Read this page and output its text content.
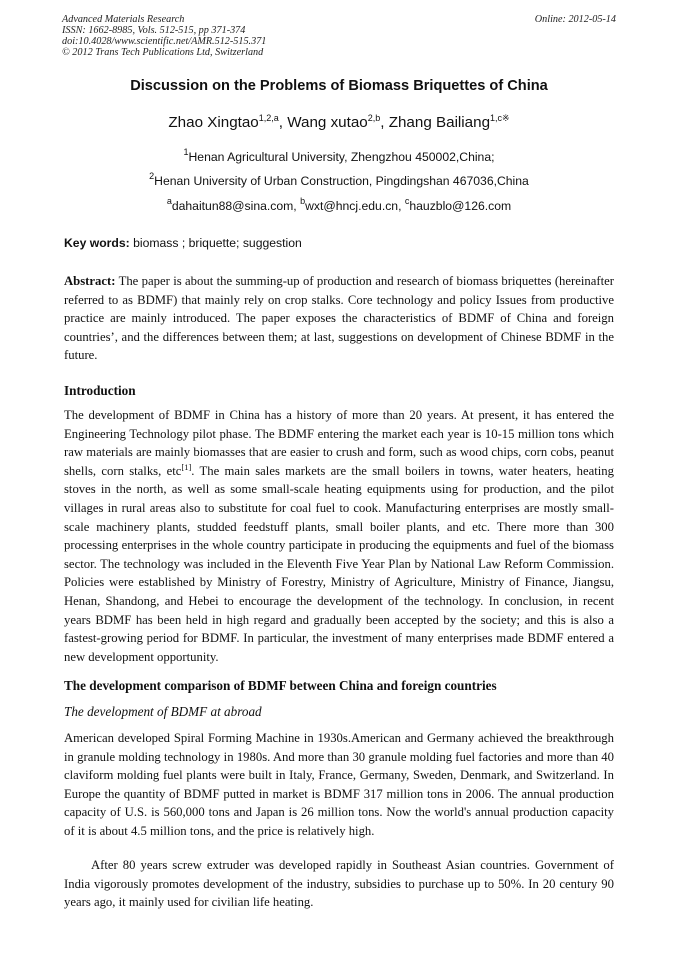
Advanced Materials Research
ISSN: 1662-8985, Vols. 512-515, pp 371-374
doi:10.4028/www.scientific.net/AMR.512-515.371
© 2012 Trans Tech Publications Ltd, Switzerland
Online: 2012-05-14
Discussion on the Problems of Biomass Briquettes of China
Zhao Xingtao$^{1,2,a}$, Wang xutao$^{2,b}$, Zhang Bailiang$^{1,c※}$
$^1$Henan Agricultural University, Zhengzhou 450002,China;
$^2$Henan University of Urban Construction, Pingdingshan 467036,China
$^a$dahaitun88@sina.com, $^b$wxt@hncj.edu.cn, $^c$hauzblo@126.com
Key words: biomass ; briquette; suggestion
Abstract: The paper is about the summing-up of production and research of biomass briquettes (hereinafter referred to as BDMF) that mainly rely on crop stalks. Core technology and policy Issues from productive practice are mainly introduced. The paper exposes the characteristics of BDMF of China and foreign countries’, and the differences between them; at last, suggestions on development of Chinese BDMF in the future.
Introduction
The development of BDMF in China has a history of more than 20 years. At present, it has entered the Engineering Technology pilot phase. The BDMF entering the market each year is 10-15 million tons which raw materials are mainly biomasses that are easier to crush and form, such as wood chips, corn cobs, peanut shells, corn stalks, etc[1]. The main sales markets are the small boilers in towns, water heaters, heating stoves in the north, as well as some small-scale heating equipments using for production, and the pilot villages in rural areas also to substitute for coal fuel to cook. Manufacturing enterprises are mostly small-scale machinery plants, studded feedstuff plants, small boiler plants, and etc. There more than 300 processing enterprises in the whole country participate in producing the equipments and fuel of the biomass sector. The technology was included in the Eleventh Five Year Plan by National Law Reform Commission. Policies were established by Ministry of Forestry, Ministry of Agriculture, Ministry of Finance, Jiangsu, Henan, Shandong, and Hebei to encourage the development of the technology. In conclusion, in recent years BDMF has been held in high regard and gradually been accepted by the society; and this is also a fastest-growing period for BDMF. In particular, the investment of many enterprises made BDMF entered a new development opportunity.
The development comparison of BDMF between China and foreign countries
The development of BDMF at abroad
American developed Spiral Forming Machine in 1930s.American and Germany achieved the breakthrough in granule molding technology in 1980s. And more than 30 granule molding fuel factories and more than 40 claviform molding fuel plants were built in Italy, France, Germany, Sweden, Denmark, and Switzerland. In Europe the quantity of BDMF putted in market is BDMF 317 million tons in 2006. The annual production capacity of U.S. is 560,000 tons and Japan is 26 million tons. Now the world's annual production capacity of it is about 4.5 million tons, and the price is relatively high.
After 80 years screw extruder was developed rapidly in Southeast Asian countries. Government of India vigorously promotes development of the industry, subsidies to purchase up to 50%. In 20 century 90 years ago, it mainly used for civilian life heating.
